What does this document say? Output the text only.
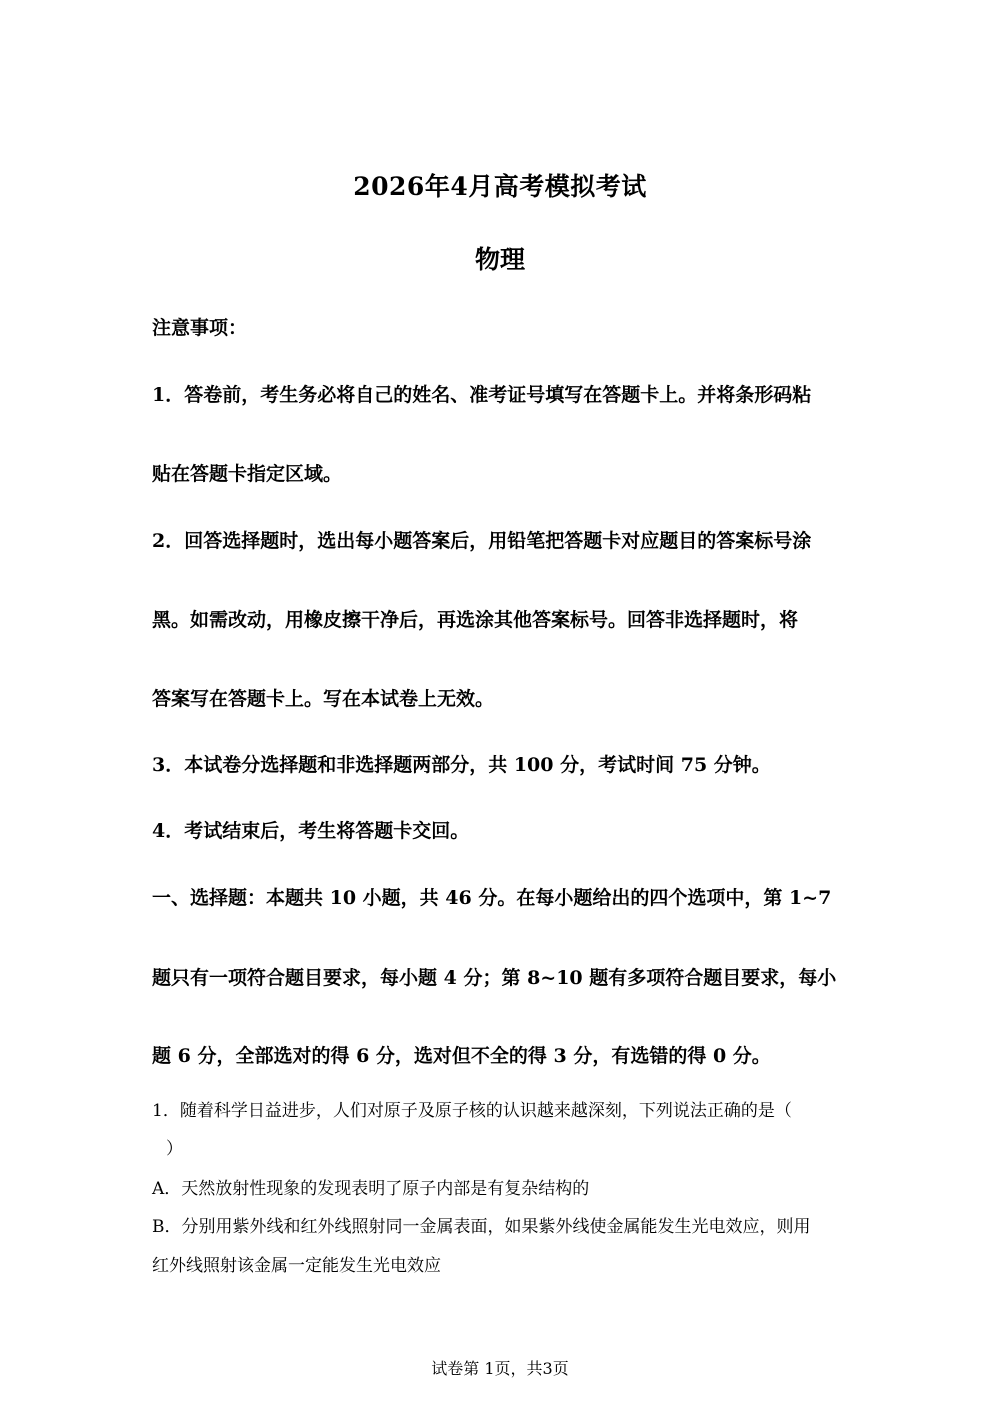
2026年4月高考模拟考试
物理
注意事项：
1．答卷前，考生务必将自己的姓名、准考证号填写在答题卡上。并将条形码粘
贴在答题卡指定区域。
2．回答选择题时，选出每小题答案后，用铅笔把答题卡对应题目的答案标号涂
黑。如需改动，用橡皮擦干净后，再选涂其他答案标号。回答非选择题时，将
答案写在答题卡上。写在本试卷上无效。
3．本试卷分选择题和非选择题两部分，共 100 分，考试时间 75 分钟。
4．考试结束后，考生将答题卡交回。
一、选择题：本题共 10 小题，共 46 分。在每小题给出的四个选项中，第 1~7
题只有一项符合题目要求，每小题 4 分；第 8~10 题有多项符合题目要求，每小
题 6 分，全部选对的得 6 分，选对但不全的得 3 分，有选错的得 0 分。
1．随着科学日益进步，人们对原子及原子核的认识越来越深刻，下列说法正确的是（
）
A．天然放射性现象的发现表明了原子内部是有复杂结构的
B．分别用紫外线和红外线照射同一金属表面，如果紫外线使金属能发生光电效应，则用
红外线照射该金属一定能发生光电效应
试卷第 1页，共3页
